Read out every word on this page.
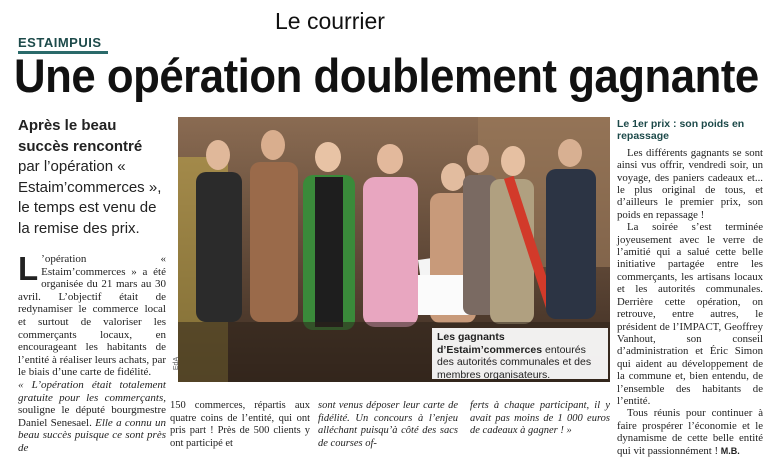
Le courrier
ESTAIMPUIS
Une opération doublement gagnante
Après le beau succès rencontré par l’opération « Estaim’commerces », le temps est venu de la remise des prix.
L ’opération « Estaim’commerces » a été organisée du 21 mars au 30 avril. L’objectif était de redynamiser le commerce local et surtout de valoriser les commerçants locaux, en encourageant les habitants de l’entité à réaliser leurs achats, par le biais d’une carte de fidélité.
« L’opération était totalement gratuite pour les commerçants, souligne le député bourgmestre Daniel Senesael. Elle a connu un beau succès puisque ce sont près de
EdA
Les gagnants d’Estaim’commerces entourés des autorités communales et des membres organisateurs.
150 commerces, répartis aux quatre coins de l’entité, qui ont pris part ! Près de 500 clients y ont participé et
sont venus déposer leur carte de fidélité. Un concours à l’enjeu alléchant puisqu’à côté des sacs de courses of-
ferts à chaque participant, il y avait pas moins de 1 000 euros de cadeaux à gagner ! »
Le 1er prix : son poids en repassage

Les différents gagnants se sont ainsi vus offrir, vendredi soir, un voyage, des paniers cadeaux et... le plus original de tous, et d’ailleurs le premier prix, son poids en repassage !

La soirée s’est terminée joyeusement avec le verre de l’amitié qui a salué cette belle initiative partagée entre les commerçants, les artisans locaux et les autorités communales. Derrière cette opération, on retrouve, entre autres, le président de l’IMPACT, Geoffrey Vanhout, son conseil d’administration et Éric Simon qui aident au développement de la commune et, bien entendu, de l’ensemble des habitants de l’entité.

Tous réunis pour continuer à faire prospérer l’économie et le dynamisme de cette belle entité qui vit passionnément ! M.B.
